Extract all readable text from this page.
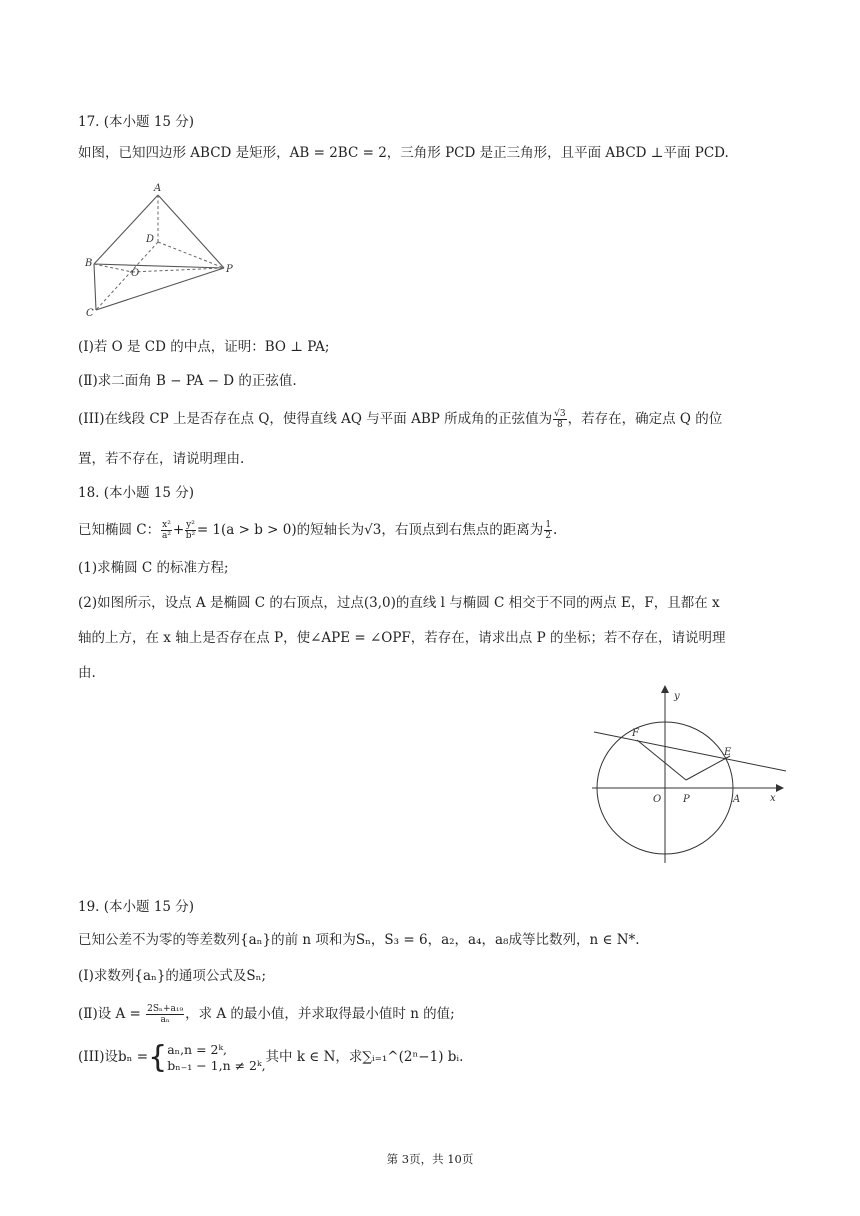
17. (本小题 15 分)
如图，已知四边形 ABCD 是矩形，AB = 2BC = 2，三角形 PCD 是正三角形，且平面 ABCD ⊥平面 PCD.
A
B
C
D
O	P
(Ⅰ)若 O 是 CD 的中点，证明：BO ⊥ PA;
(Ⅱ)求二面角 B − PA − D 的正弦值.
(III)在线段 CP 上是否存在点 Q，使得直线 AQ 与平面 ABP 所成角的正弦值为 $\frac{√3}{8}$ ，若存在，确定点 Q 的位
置，若不存在，请说明理由.
18. (本小题 15 分)
已知椭圆 C： $\frac{\text{x²}}{\text{a²}} + \frac{\text{y²}}{\text{b²}} = 1(a > b > 0)$的短轴长为√3，右顶点到右焦点的距离为 $\frac{1}{2}$ .
(1)求椭圆 C 的标准方程;
(2)如图所示，设点 A 是椭圆 C 的右顶点，过点(3,0)的直线 l 与椭圆 C 相交于不同的两点 E，F，且都在 x
轴的上方，在 x 轴上是否存在点 P，使∠APE = ∠OPF，若存在，请求出点 P 的坐标；若不存在，请说明理
由.
y
x
F
E
O P	A
19. (本小题 15 分)
已知公差不为零的等差数列{aₙ}的前 n 项和为Sₙ，S₃ = 6，a₂，a₄，a₈成等比数列，n ∈ N*.
(Ⅰ)求数列{aₙ}的通项公式及Sₙ;
(Ⅱ)设 $A = \frac{\text{2Sₙ+a₁₉}}{\text{aₙ}}$ ，求 A 的最小值，并求取得最小值时 n 的值;
(III)设bₙ ={ aₙ,n = 2ᵏ,
bₙ₋₁ − 1,n ≠ 2ᵏ, 其中 k ∈ N，求∑ᵢ₌₁^(2ⁿ−1) bᵢ.
第 3页，共 10页
